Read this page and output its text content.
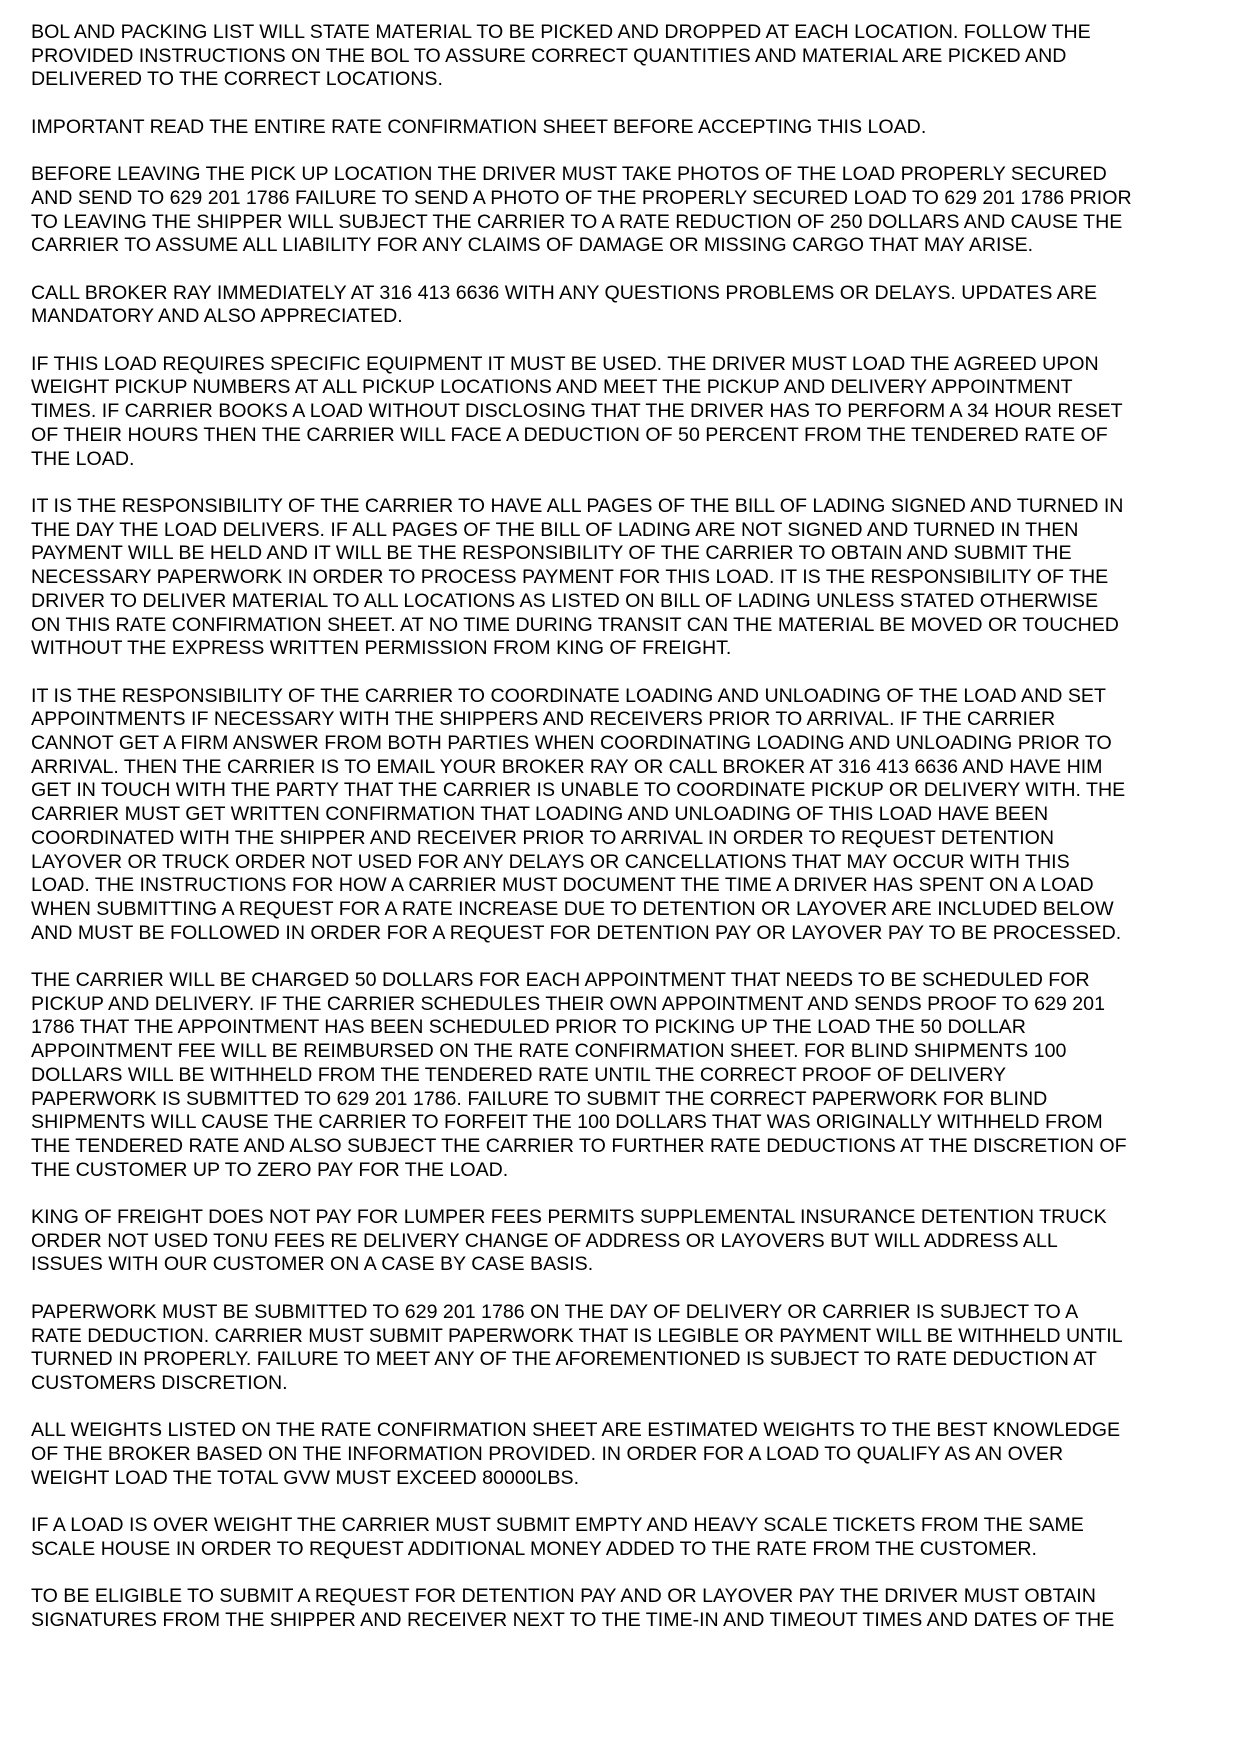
BOL AND PACKING LIST WILL STATE MATERIAL TO BE PICKED AND DROPPED AT EACH LOCATION. FOLLOW THE
PROVIDED INSTRUCTIONS ON THE BOL TO ASSURE CORRECT QUANTITIES AND MATERIAL ARE PICKED AND
DELIVERED TO THE CORRECT LOCATIONS.

IMPORTANT READ THE ENTIRE RATE CONFIRMATION SHEET BEFORE ACCEPTING THIS LOAD.

BEFORE LEAVING THE PICK UP LOCATION THE DRIVER MUST TAKE PHOTOS OF THE LOAD PROPERLY SECURED
AND SEND TO 629 201 1786 FAILURE TO SEND A PHOTO OF THE PROPERLY SECURED LOAD TO 629 201 1786 PRIOR
TO LEAVING THE SHIPPER WILL SUBJECT THE CARRIER TO A RATE REDUCTION OF 250 DOLLARS AND CAUSE THE
CARRIER TO ASSUME ALL LIABILITY FOR ANY CLAIMS OF DAMAGE OR MISSING CARGO THAT MAY ARISE.

CALL BROKER RAY IMMEDIATELY AT 316 413 6636 WITH ANY QUESTIONS PROBLEMS OR DELAYS. UPDATES ARE
MANDATORY AND ALSO APPRECIATED.

IF THIS LOAD REQUIRES SPECIFIC EQUIPMENT IT MUST BE USED. THE DRIVER MUST LOAD THE AGREED UPON
WEIGHT PICKUP NUMBERS AT ALL PICKUP LOCATIONS AND MEET THE PICKUP AND DELIVERY APPOINTMENT
TIMES. IF CARRIER BOOKS A LOAD WITHOUT DISCLOSING THAT THE DRIVER HAS TO PERFORM A 34 HOUR RESET
OF THEIR HOURS THEN THE CARRIER WILL FACE A DEDUCTION OF 50 PERCENT FROM THE TENDERED RATE OF
THE LOAD.

IT IS THE RESPONSIBILITY OF THE CARRIER TO HAVE ALL PAGES OF THE BILL OF LADING SIGNED AND TURNED IN
THE DAY THE LOAD DELIVERS. IF ALL PAGES OF THE BILL OF LADING ARE NOT SIGNED AND TURNED IN THEN
PAYMENT WILL BE HELD AND IT WILL BE THE RESPONSIBILITY OF THE CARRIER TO OBTAIN AND SUBMIT THE
NECESSARY PAPERWORK IN ORDER TO PROCESS PAYMENT FOR THIS LOAD. IT IS THE RESPONSIBILITY OF THE
DRIVER TO DELIVER MATERIAL TO ALL LOCATIONS AS LISTED ON BILL OF LADING UNLESS STATED OTHERWISE
ON THIS RATE CONFIRMATION SHEET. AT NO TIME DURING TRANSIT CAN THE MATERIAL BE MOVED OR TOUCHED
WITHOUT THE EXPRESS WRITTEN PERMISSION FROM KING OF FREIGHT.

IT IS THE RESPONSIBILITY OF THE CARRIER TO COORDINATE LOADING AND UNLOADING OF THE LOAD AND SET
APPOINTMENTS IF NECESSARY WITH THE SHIPPERS AND RECEIVERS PRIOR TO ARRIVAL. IF THE CARRIER
CANNOT GET A FIRM ANSWER FROM BOTH PARTIES WHEN COORDINATING LOADING AND UNLOADING PRIOR TO
ARRIVAL. THEN THE CARRIER IS TO EMAIL YOUR BROKER RAY OR CALL BROKER AT 316 413 6636 AND HAVE HIM
GET IN TOUCH WITH THE PARTY THAT THE CARRIER IS UNABLE TO COORDINATE PICKUP OR DELIVERY WITH. THE
CARRIER MUST GET WRITTEN CONFIRMATION THAT LOADING AND UNLOADING OF THIS LOAD HAVE BEEN
COORDINATED WITH THE SHIPPER AND RECEIVER PRIOR TO ARRIVAL IN ORDER TO REQUEST DETENTION
LAYOVER OR TRUCK ORDER NOT USED FOR ANY DELAYS OR CANCELLATIONS THAT MAY OCCUR WITH THIS
LOAD. THE INSTRUCTIONS FOR HOW A CARRIER MUST DOCUMENT THE TIME A DRIVER HAS SPENT ON A LOAD
WHEN SUBMITTING A REQUEST FOR A RATE INCREASE DUE TO DETENTION OR LAYOVER ARE INCLUDED BELOW
AND MUST BE FOLLOWED IN ORDER FOR A REQUEST FOR DETENTION PAY OR LAYOVER PAY TO BE PROCESSED.

THE CARRIER WILL BE CHARGED 50 DOLLARS FOR EACH APPOINTMENT THAT NEEDS TO BE SCHEDULED FOR
PICKUP AND DELIVERY. IF THE CARRIER SCHEDULES THEIR OWN APPOINTMENT AND SENDS PROOF TO 629 201
1786 THAT THE APPOINTMENT HAS BEEN SCHEDULED PRIOR TO PICKING UP THE LOAD THE 50 DOLLAR
APPOINTMENT FEE WILL BE REIMBURSED ON THE RATE CONFIRMATION SHEET. FOR BLIND SHIPMENTS 100
DOLLARS WILL BE WITHHELD FROM THE TENDERED RATE UNTIL THE CORRECT PROOF OF DELIVERY
PAPERWORK IS SUBMITTED TO 629 201 1786. FAILURE TO SUBMIT THE CORRECT PAPERWORK FOR BLIND
SHIPMENTS WILL CAUSE THE CARRIER TO FORFEIT THE 100 DOLLARS THAT WAS ORIGINALLY WITHHELD FROM
THE TENDERED RATE AND ALSO SUBJECT THE CARRIER TO FURTHER RATE DEDUCTIONS AT THE DISCRETION OF
THE CUSTOMER UP TO ZERO PAY FOR THE LOAD.

KING OF FREIGHT DOES NOT PAY FOR LUMPER FEES PERMITS SUPPLEMENTAL INSURANCE DETENTION TRUCK
ORDER NOT USED TONU FEES RE DELIVERY CHANGE OF ADDRESS OR LAYOVERS BUT WILL ADDRESS ALL
ISSUES WITH OUR CUSTOMER ON A CASE BY CASE BASIS.

PAPERWORK MUST BE SUBMITTED TO 629 201 1786 ON THE DAY OF DELIVERY OR CARRIER IS SUBJECT TO A
RATE DEDUCTION. CARRIER MUST SUBMIT PAPERWORK THAT IS LEGIBLE OR PAYMENT WILL BE WITHHELD UNTIL
TURNED IN PROPERLY. FAILURE TO MEET ANY OF THE AFOREMENTIONED IS SUBJECT TO RATE DEDUCTION AT
CUSTOMERS DISCRETION.

ALL WEIGHTS LISTED ON THE RATE CONFIRMATION SHEET ARE ESTIMATED WEIGHTS TO THE BEST KNOWLEDGE
OF THE BROKER BASED ON THE INFORMATION PROVIDED. IN ORDER FOR A LOAD TO QUALIFY AS AN OVER
WEIGHT LOAD THE TOTAL GVW MUST EXCEED 80000LBS.

IF A LOAD IS OVER WEIGHT THE CARRIER MUST SUBMIT EMPTY AND HEAVY SCALE TICKETS FROM THE SAME
SCALE HOUSE IN ORDER TO REQUEST ADDITIONAL MONEY ADDED TO THE RATE FROM THE CUSTOMER.

TO BE ELIGIBLE TO SUBMIT A REQUEST FOR DETENTION PAY AND OR LAYOVER PAY THE DRIVER MUST OBTAIN
SIGNATURES FROM THE SHIPPER AND RECEIVER NEXT TO THE TIME-IN AND TIMEOUT TIMES AND DATES OF THE
